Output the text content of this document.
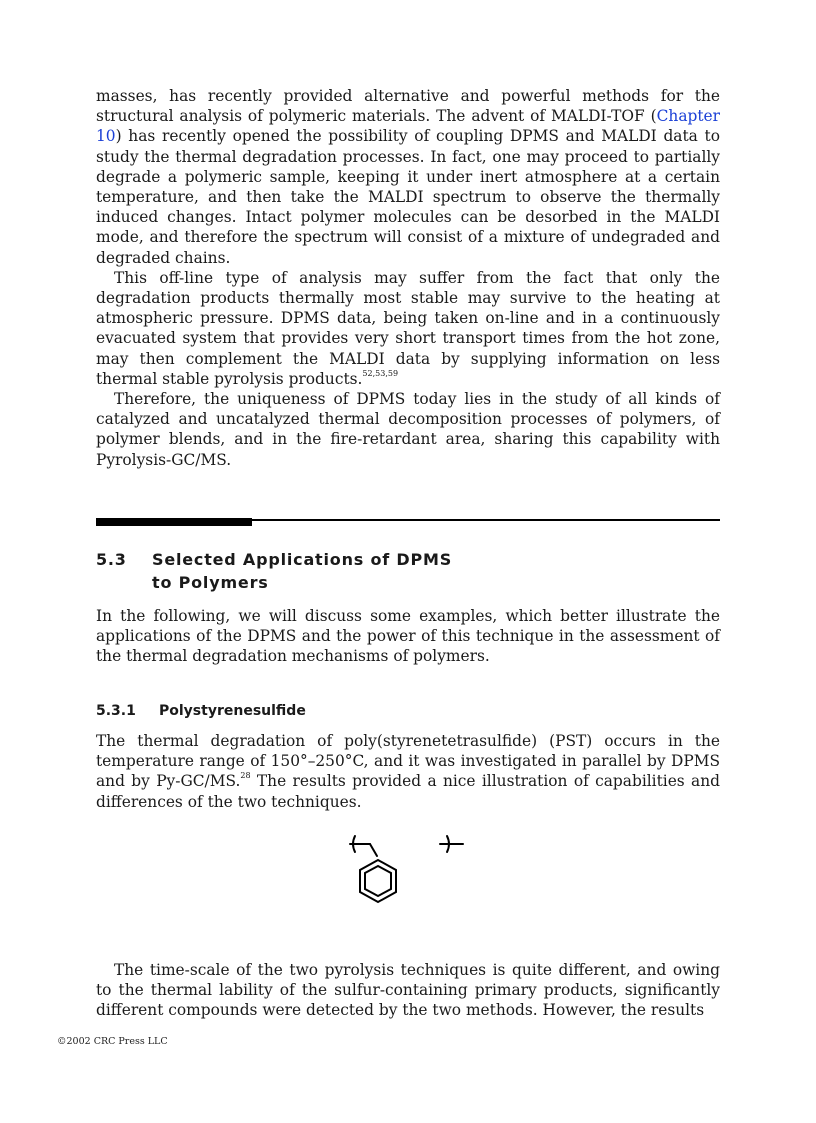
masses, has recently provided alternative and powerful methods for the structural analysis of polymeric materials. The advent of MALDI-TOF (Chapter 10) has recently opened the possibility of coupling DPMS and MALDI data to study the thermal degradation processes. In fact, one may proceed to partially degrade a polymeric sample, keeping it under inert atmosphere at a certain temperature, and then take the MALDI spectrum to observe the thermally induced changes. Intact polymer molecules can be desorbed in the MALDI mode, and therefore the spectrum will consist of a mixture of undegraded and degraded chains.

This off-line type of analysis may suffer from the fact that only the degradation products thermally most stable may survive to the heating at atmospheric pressure. DPMS data, being taken on-line and in a continuously evacuated system that provides very short transport times from the hot zone, may then complement the MALDI data by supplying information on less thermal stable pyrolysis products.$^{52,53,59}$

Therefore, the uniqueness of DPMS today lies in the study of all kinds of catalyzed and uncatalyzed thermal decomposition processes of polymers, of polymer blends, and in the fire-retardant area, sharing this capability with Pyrolysis-GC/MS.

5.3 Selected Applications of DPMS
to Polymers

In the following, we will discuss some examples, which better illustrate the applications of the DPMS and the power of this technique in the assessment of the thermal degradation mechanisms of polymers.

5.3.1 Polystyrenesulfide

The thermal degradation of poly(styrenetetrasulfide) (PST) occurs in the temperature range of 150°–250°C, and it was investigated in parallel by DPMS and by Py-GC/MS.$^{28}$ The results provided a nice illustration of capabilities and differences of the two techniques.

The time-scale of the two pyrolysis techniques is quite different, and owing to the thermal lability of the sulfur-containing primary products, significantly different compounds were detected by the two methods. However, the results

©2002 CRC Press LLC
